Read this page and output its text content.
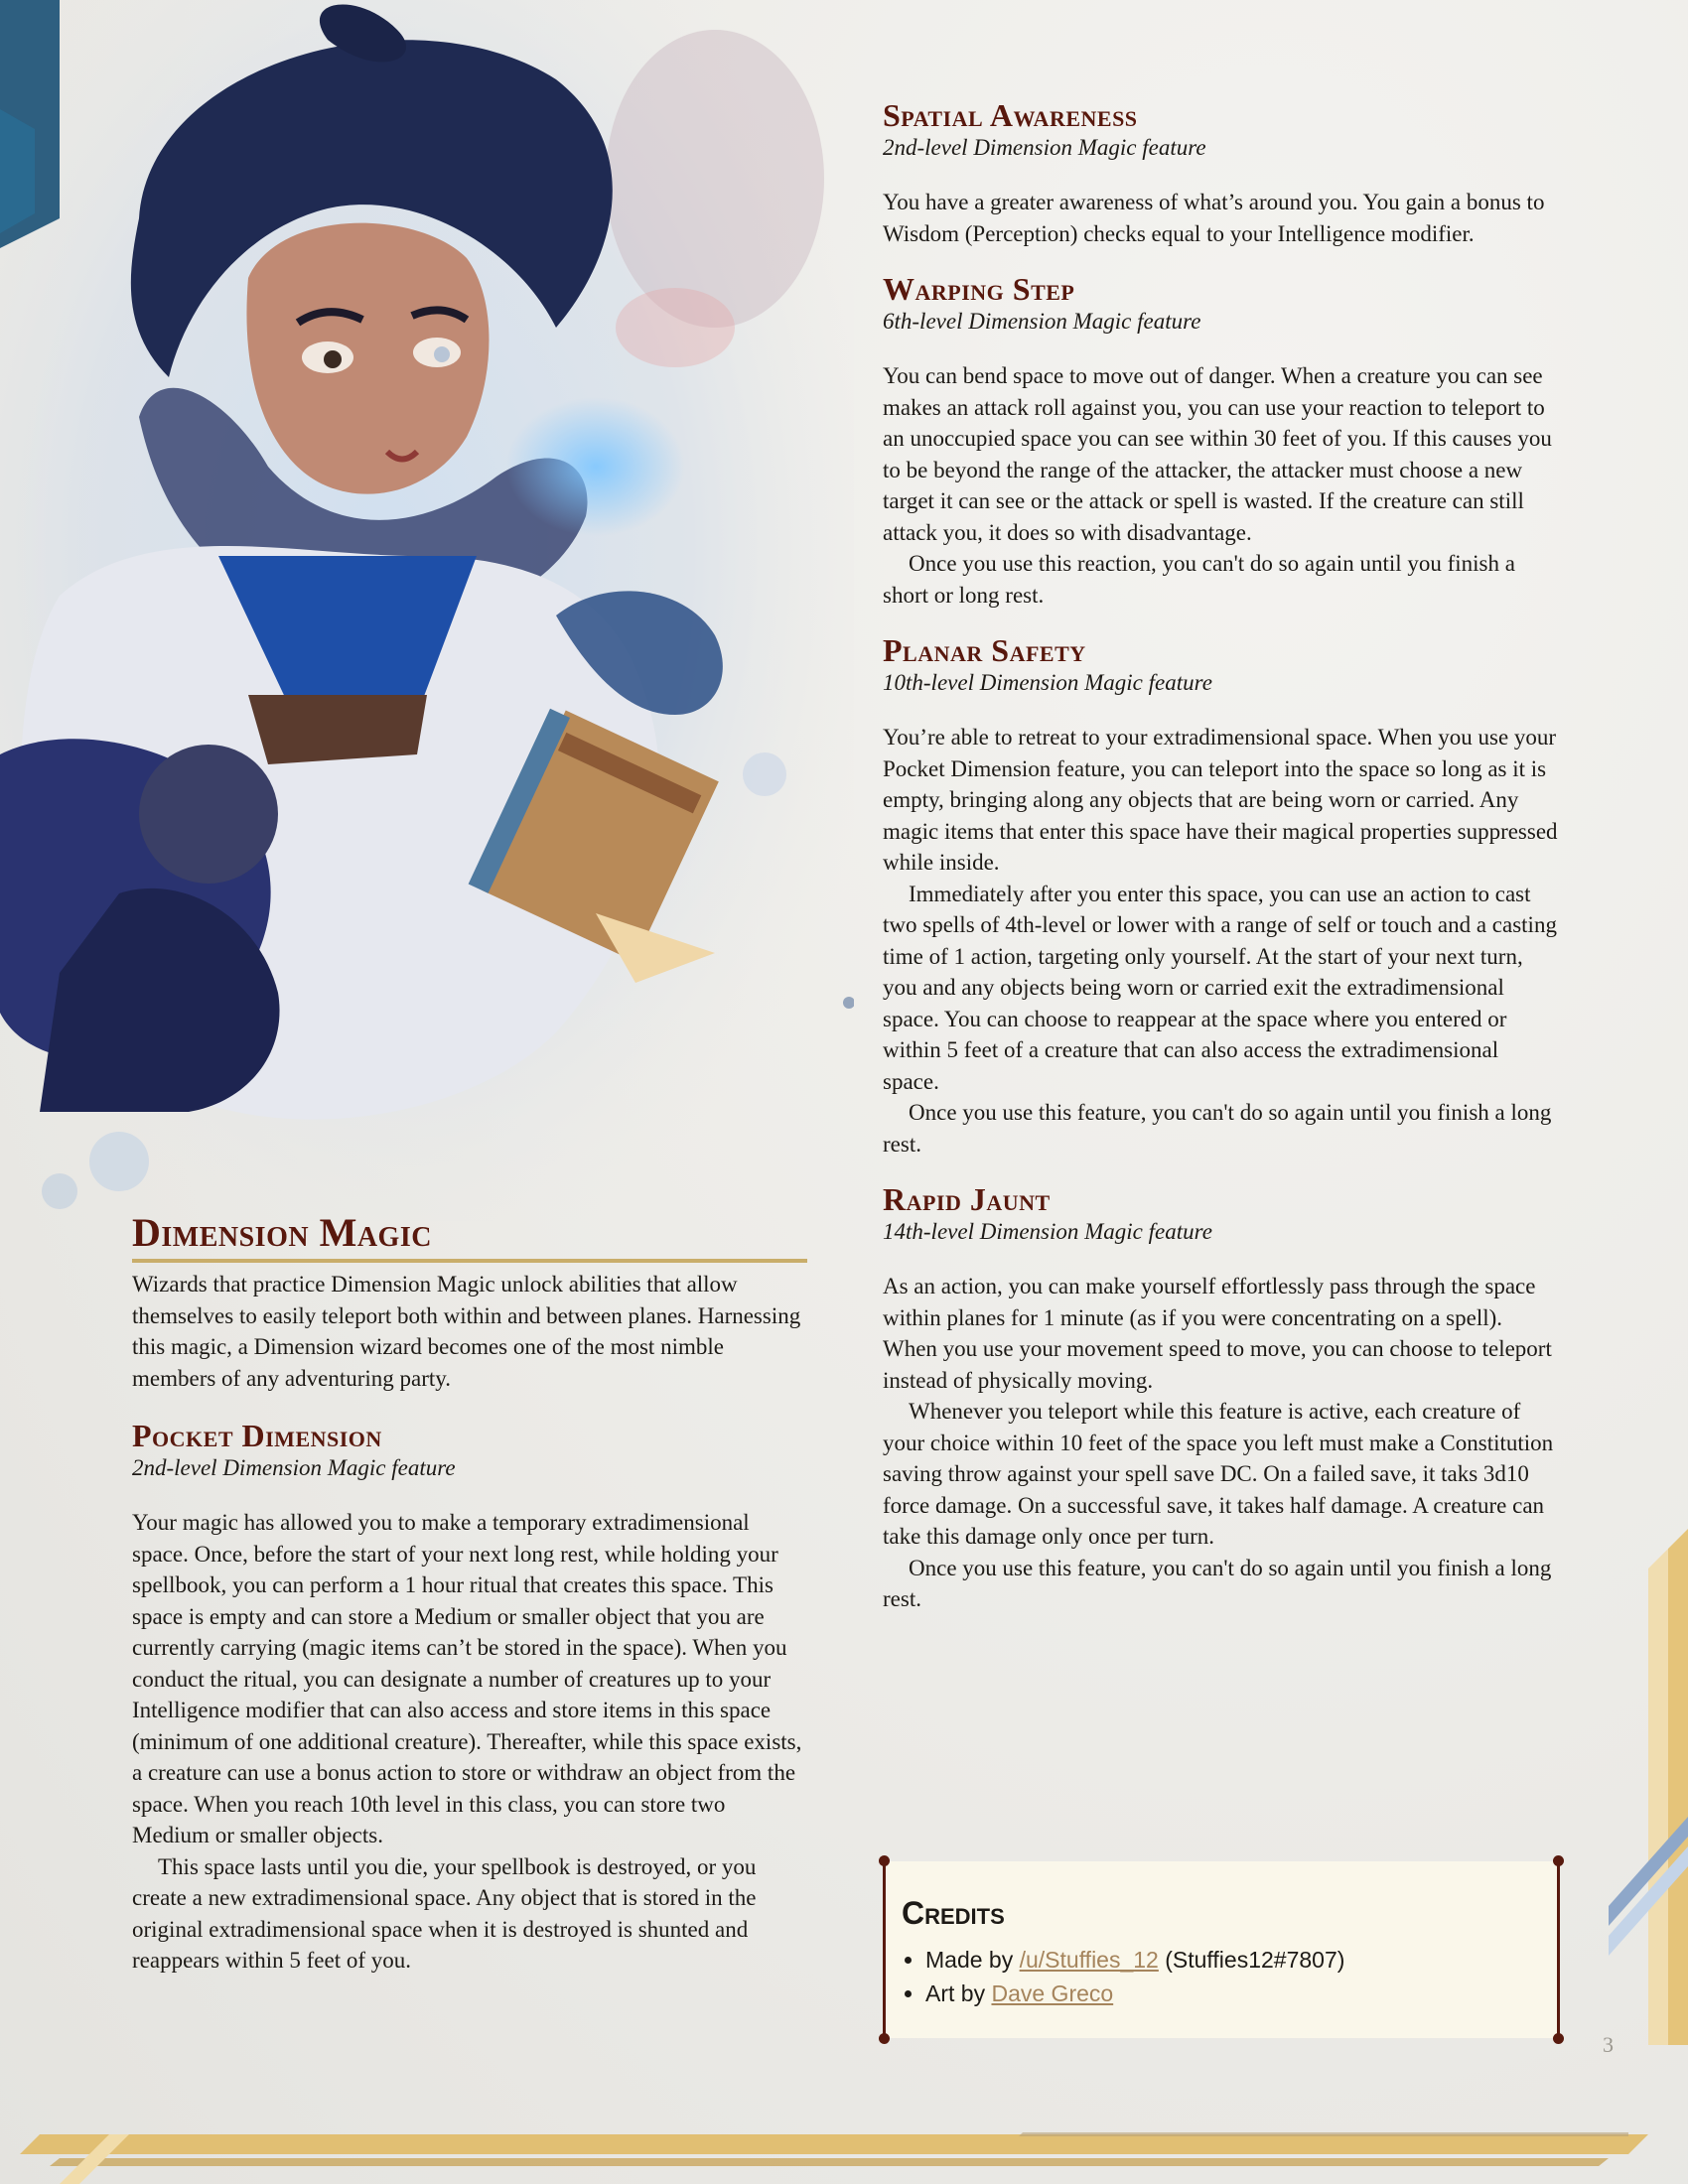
Dimension Magic

Wizards that practice Dimension Magic unlock abilities that allow themselves to easily teleport both within and between planes. Harnessing this magic, a Dimension wizard becomes one of the most nimble members of any adventuring party.

Pocket Dimension

2nd-level Dimension Magic feature

Your magic has allowed you to make a temporary extradimensional space. Once, before the start of your next long rest, while holding your spellbook, you can perform a 1 hour ritual that creates this space. This space is empty and can store a Medium or smaller object that you are currently carrying (magic items can’t be stored in the space). When you conduct the ritual, you can designate a number of creatures up to your Intelligence modifier that can also access and store items in this space (minimum of one additional creature). Thereafter, while this space exists, a creature can use a bonus action to store or withdraw an object from the space. When you reach 10th level in this class, you can store two Medium or smaller objects.

This space lasts until you die, your spellbook is destroyed, or you create a new extradimensional space. Any object that is stored in the original extradimensional space when it is destroyed is shunted and reappears within 5 feet of you.

Spatial Awareness

2nd-level Dimension Magic feature

You have a greater awareness of what’s around you. You gain a bonus to Wisdom (Perception) checks equal to your Intelligence modifier.

Warping Step

6th-level Dimension Magic feature

You can bend space to move out of danger. When a creature you can see makes an attack roll against you, you can use your reaction to teleport to an unoccupied space you can see within 30 feet of you. If this causes you to be beyond the range of the attacker, the attacker must choose a new target it can see or the attack or spell is wasted. If the creature can still attack you, it does so with disadvantage.

Once you use this reaction, you can't do so again until you finish a short or long rest.

Planar Safety

10th-level Dimension Magic feature

You’re able to retreat to your extradimensional space. When you use your Pocket Dimension feature, you can teleport into the space so long as it is empty, bringing along any objects that are being worn or carried. Any magic items that enter this space have their magical properties suppressed while inside.

Immediately after you enter this space, you can use an action to cast two spells of 4th-level or lower with a range of self or touch and a casting time of 1 action, targeting only yourself. At the start of your next turn, you and any objects being worn or carried exit the extradimensional space. You can choose to reappear at the space where you entered or within 5 feet of a creature that can also access the extradimensional space.

Once you use this feature, you can't do so again until you finish a long rest.

Rapid Jaunt

14th-level Dimension Magic feature

As an action, you can make yourself effortlessly pass through the space within planes for 1 minute (as if you were concentrating on a spell). When you use your movement speed to move, you can choose to teleport instead of physically moving.

Whenever you teleport while this feature is active, each creature of your choice within 10 feet of the space you left must make a Constitution saving throw against your spell save DC. On a failed save, it taks 3d10 force damage. On a successful save, it takes half damage. A creature can take this damage only once per turn.

Once you use this feature, you can't do so again until you finish a long rest.

Credits
• Made by /u/Stuffies_12 (Stuffies12#7807)
• Art by Dave Greco
3
